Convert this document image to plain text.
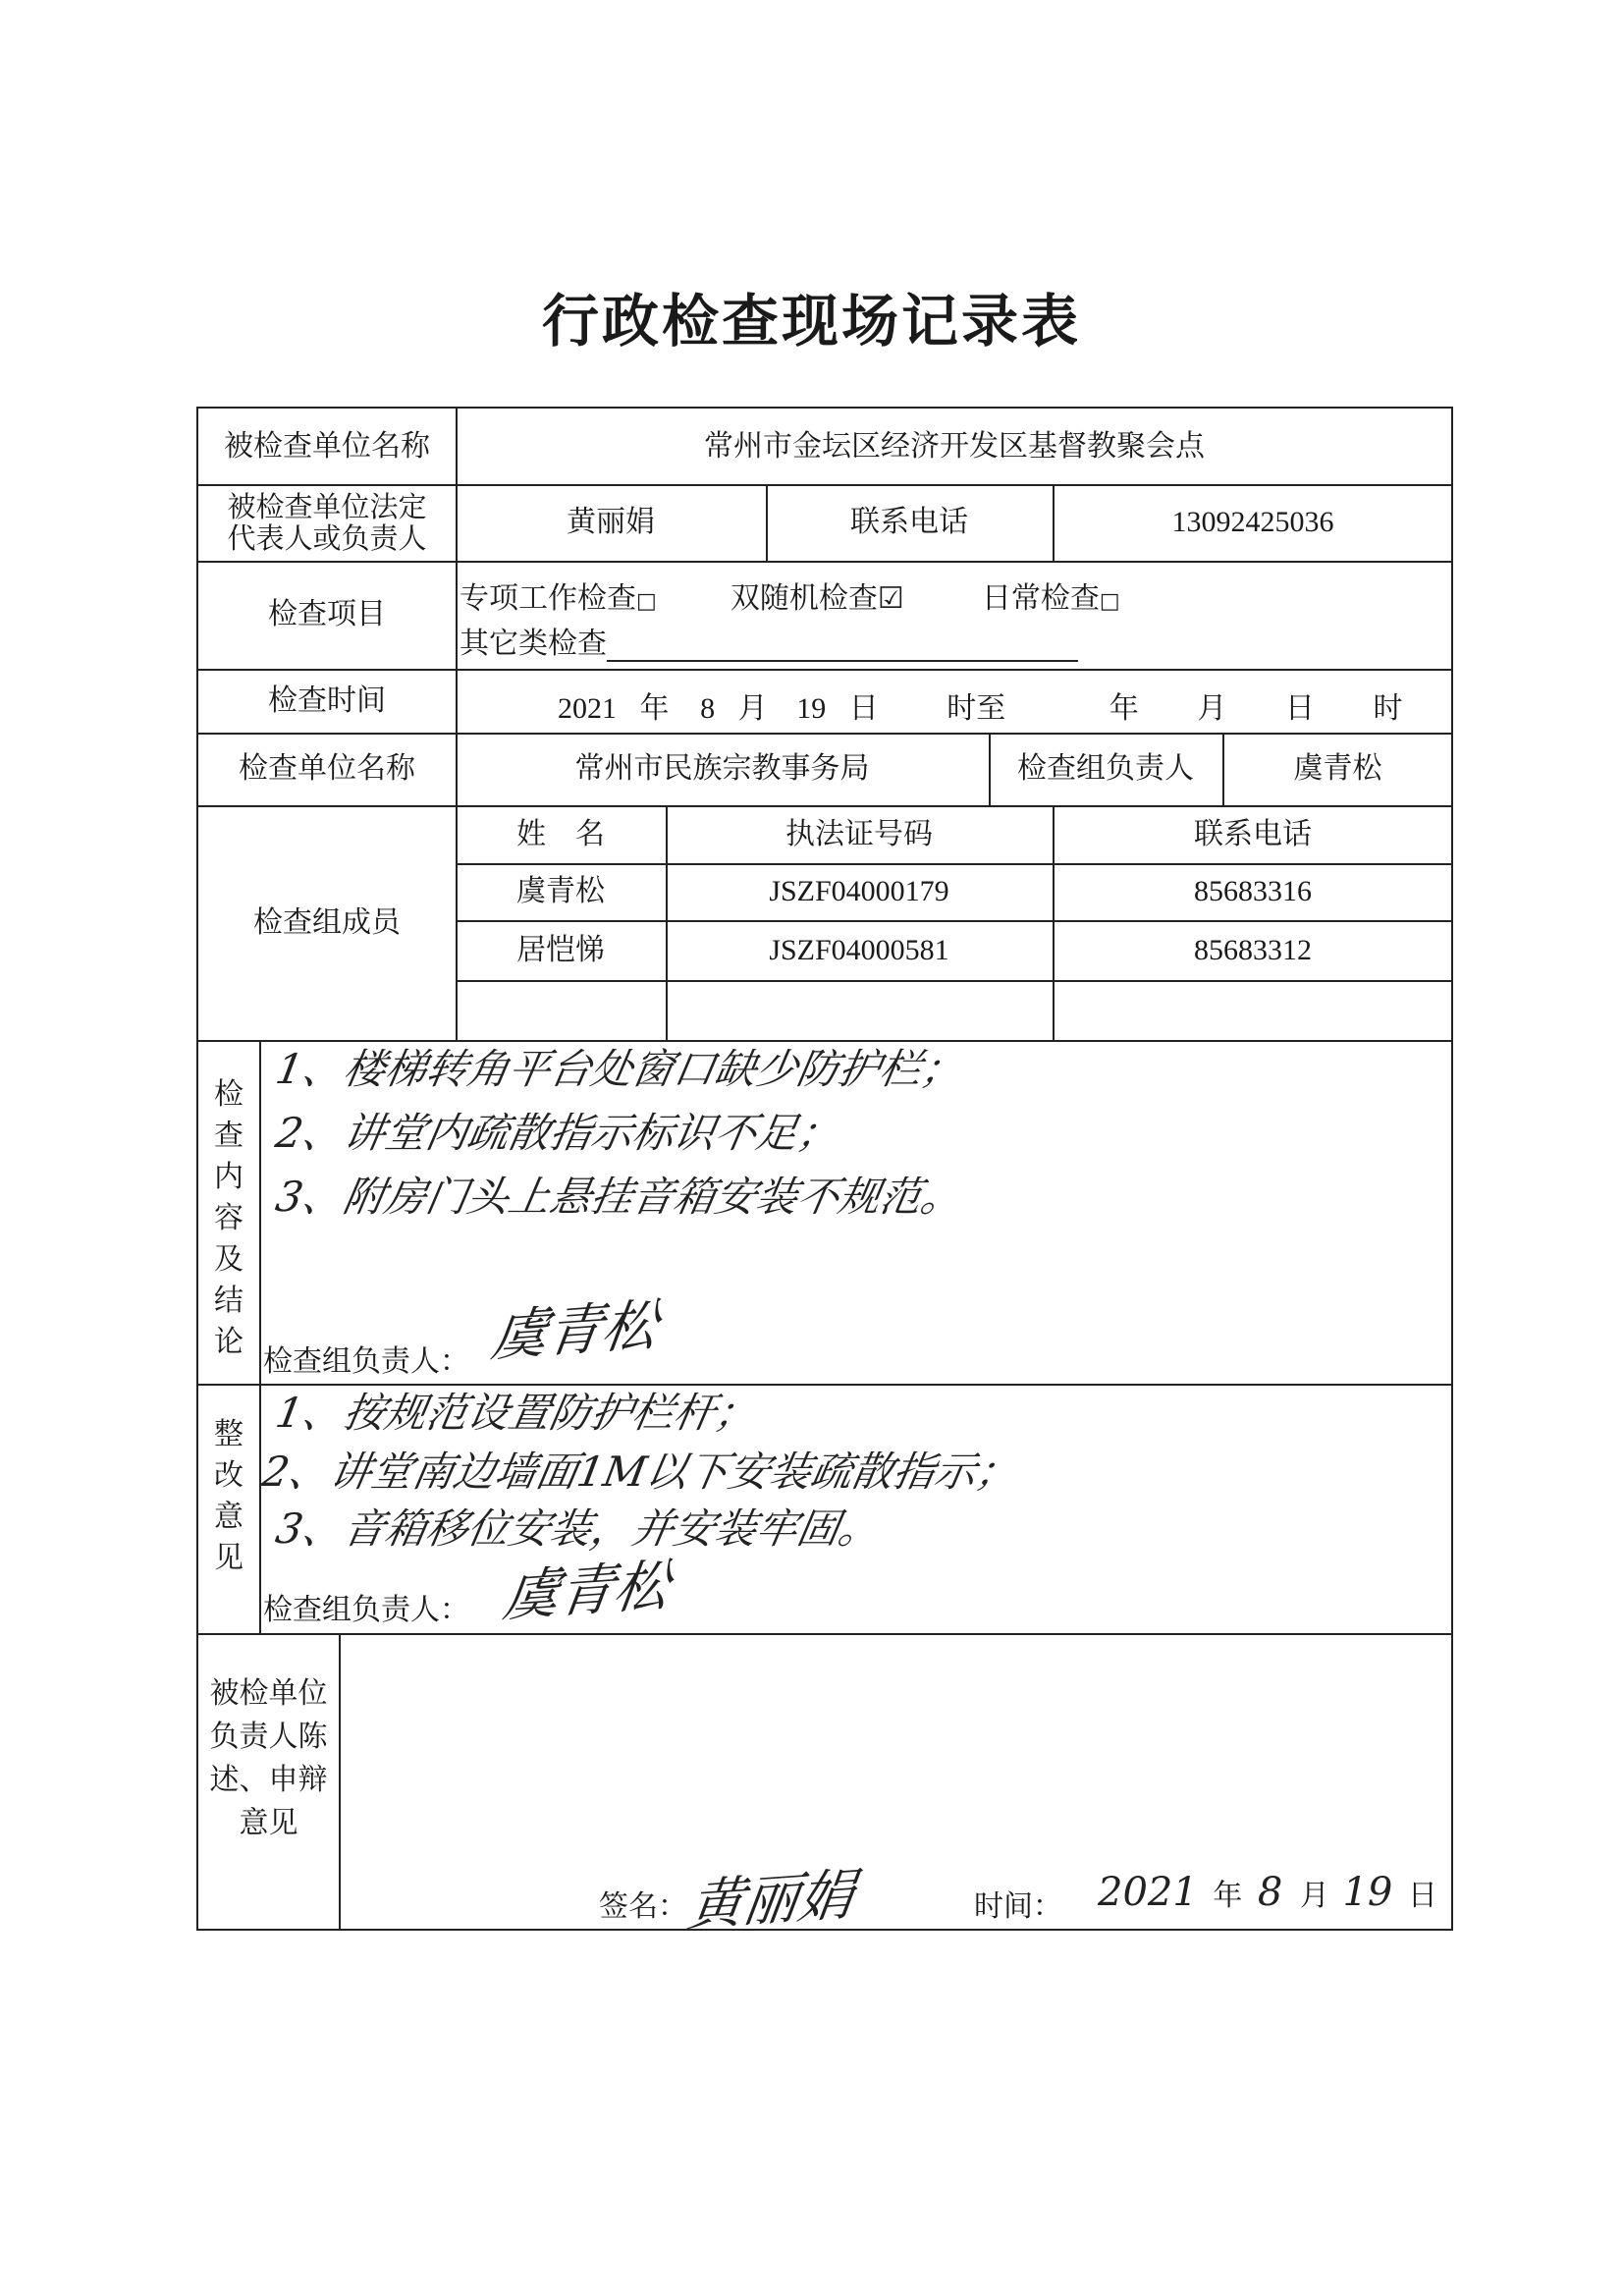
行政检查现场记录表
被检查单位名称	常州市金坛区经济开发区基督教聚会点
被检查单位法定
代表人或负责人	黄丽娟	联系电话	13092425036
检查项目	专项工作检查□	双随机检查☑	日常检查□
其它类检查
检查时间	2021 年 8 月 19 日 时至	年 月 日 时
检查单位名称	常州市民族宗教事务局	检查组负责人	虞青松
检查组成员
姓　名	执法证号码	联系电话
虞青松	JSZF04000179	85683316
居恺悌	JSZF04000581	85683312
检
查
内
容
及
结
论
1、楼梯转角平台处窗口缺少防护栏；
2、讲堂内疏散指示标识不足；
3、附房门头上悬挂音箱安装不规范。
检查组负责人： 虞青松
整
改
意
见
1、按规范设置防护栏杆；
2、讲堂南边墙面1M以下安装疏散指示；
3、音箱移位安装，并安装牢固。
检查组负责人： 虞青松
被检单位
负责人陈
述、申辩
意见
签名：
黄丽娟	时间： 2021 年 8 月 19 日
